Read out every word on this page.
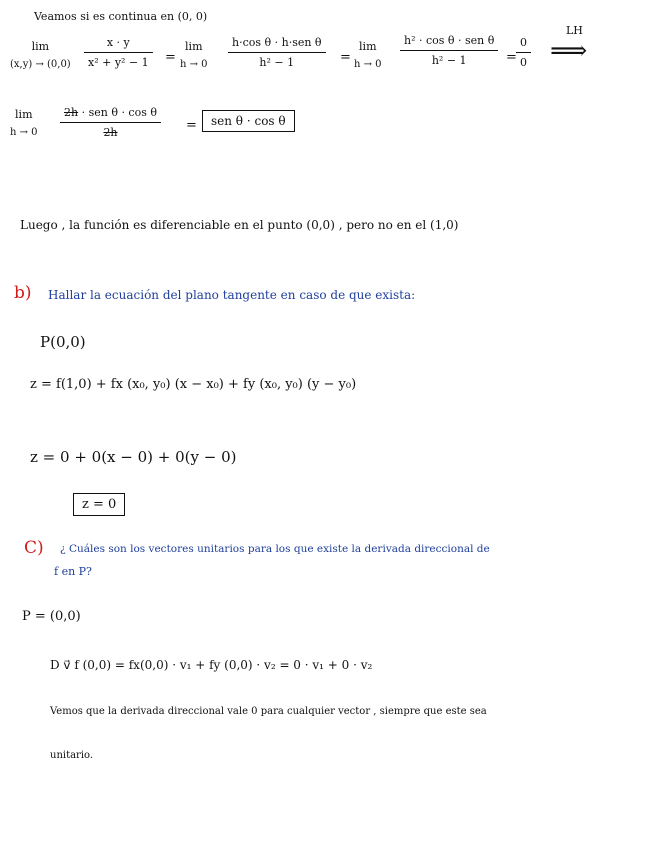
Veamos si es continua en (0, 0)
lim
(x,y) → (0,0)
x · y
x² + y² − 1	=
lim
h → 0
h·cos θ · h·sen θ
h² − 1	=
lim
h → 0
h² · cos θ · sen θ
h² − 1	=
0
0
LH
⟹
lim
h → 0
2h · sen θ · cos θ
2h	=	sen θ · cos θ
Luego , la función es diferenciable en el punto (0,0) , pero no en el (1,0)
b) Hallar la ecuación del plano tangente en caso de que exista:
P(0,0)
z = f(1,0) + fx (x₀, y₀) (x − x₀) + fy (x₀, y₀) (y − y₀)
z = 0 + 0(x − 0) + 0(y − 0)
z = 0
C) ¿ Cuáles son los vectores unitarios para los que existe la derivada direccional de
f en P?
P = (0,0)
D v⃗ f (0,0) = fx(0,0) · v₁ + fy (0,0) · v₂ = 0 · v₁ + 0 · v₂
Vemos que la derivada direccional vale 0 para cualquier vector , siempre que este sea
unitario.
